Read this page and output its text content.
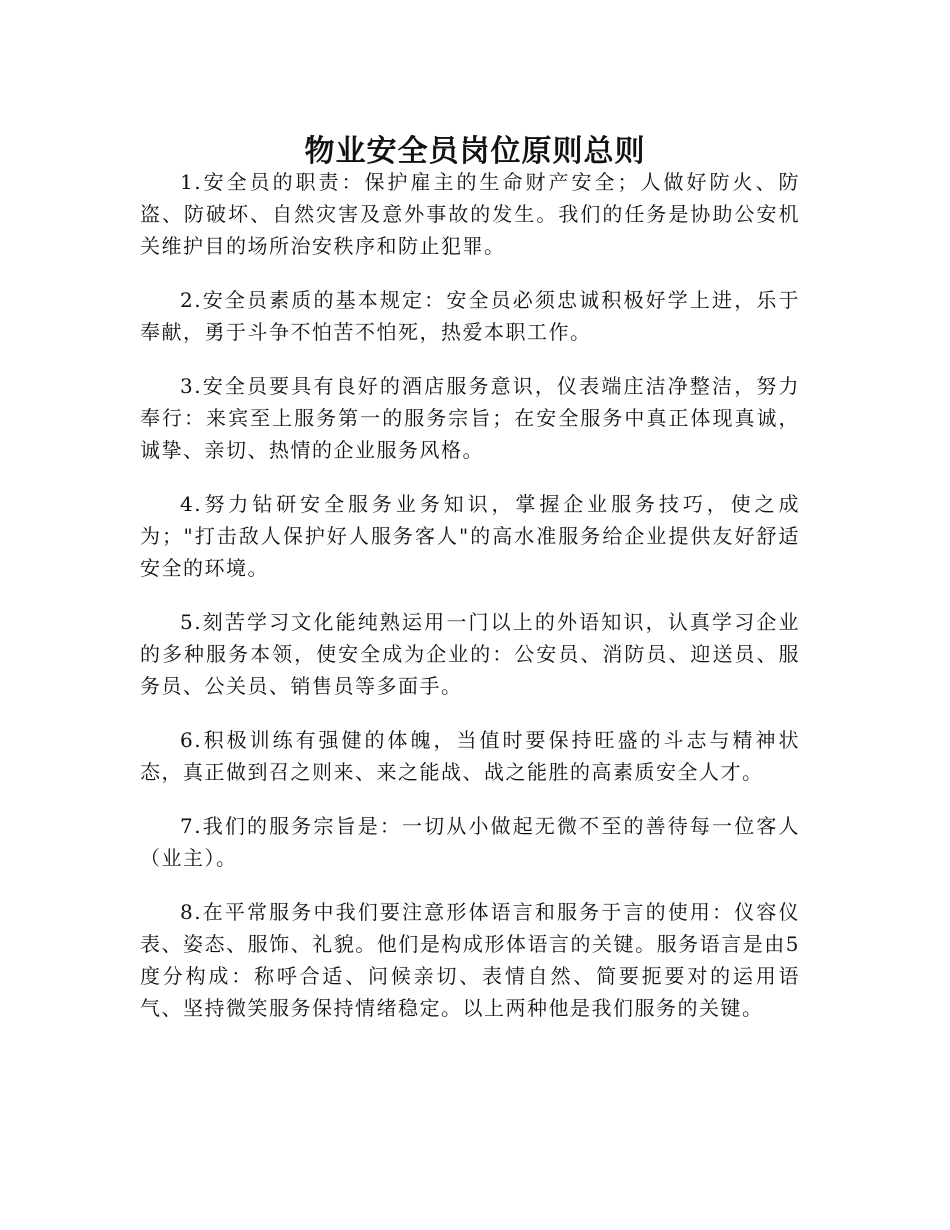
物业安全员岗位原则总则

1.安全员的职责：保护雇主的生命财产安全；人做好防火、防盗、防破坏、自然灾害及意外事故的发生。我们的任务是协助公安机关维护目的场所治安秩序和防止犯罪。

2.安全员素质的基本规定：安全员必须忠诚积极好学上进，乐于奉献，勇于斗争不怕苦不怕死，热爱本职工作。

3.安全员要具有良好的酒店服务意识，仪表端庄洁净整洁，努力奉行：来宾至上服务第一的服务宗旨；在安全服务中真正体现真诚，诚挚、亲切、热情的企业服务风格。

4.努力钻研安全服务业务知识，掌握企业服务技巧，使之成为；"打击敌人保护好人服务客人"的高水准服务给企业提供友好舒适安全的环境。

5.刻苦学习文化能纯熟运用一门以上的外语知识，认真学习企业的多种服务本领，使安全成为企业的：公安员、消防员、迎送员、服务员、公关员、销售员等多面手。

6.积极训练有强健的体魄，当值时要保持旺盛的斗志与精神状态，真正做到召之则来、来之能战、战之能胜的高素质安全人才。

7.我们的服务宗旨是：一切从小做起无微不至的善待每一位客人（业主）。

8.在平常服务中我们要注意形体语言和服务于言的使用：仪容仪表、姿态、服饰、礼貌。他们是构成形体语言的关键。服务语言是由5度分构成：称呼合适、问候亲切、表情自然、简要扼要对的运用语气、坚持微笑服务保持情绪稳定。以上两种他是我们服务的关键。
